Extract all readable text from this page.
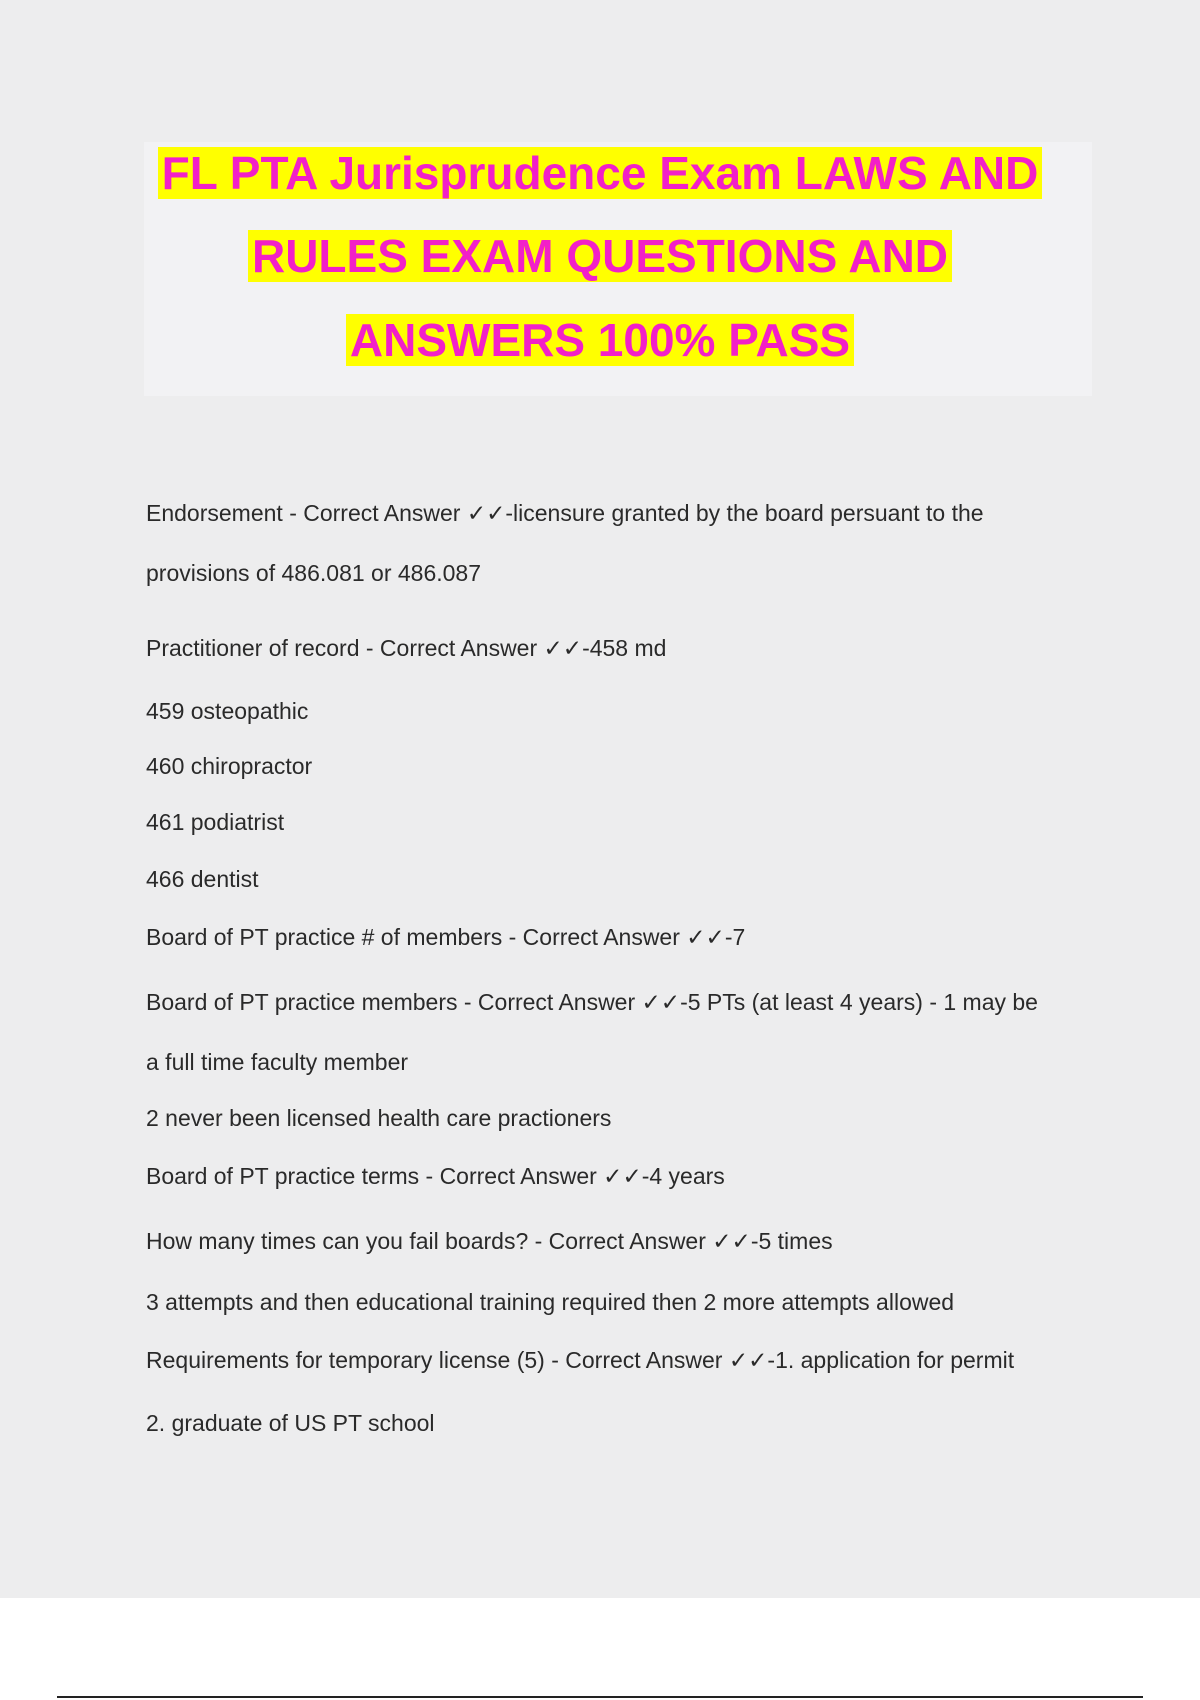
FL PTA Jurisprudence Exam LAWS AND
RULES EXAM QUESTIONS AND
ANSWERS 100% PASS
Endorsement - Correct Answer ✓✓-licensure granted by the board persuant to the
provisions of 486.081 or 486.087
Practitioner of record - Correct Answer ✓✓-458 md
459 osteopathic
460 chiropractor
461 podiatrist
466 dentist
Board of PT practice # of members - Correct Answer ✓✓-7
Board of PT practice members - Correct Answer ✓✓-5 PTs (at least 4 years) - 1 may be
a full time faculty member
2 never been licensed health care practioners
Board of PT practice terms - Correct Answer ✓✓-4 years
How many times can you fail boards? - Correct Answer ✓✓-5 times
3 attempts and then educational training required then 2 more attempts allowed
Requirements for temporary license (5) - Correct Answer ✓✓-1. application for permit
2. graduate of US PT school
